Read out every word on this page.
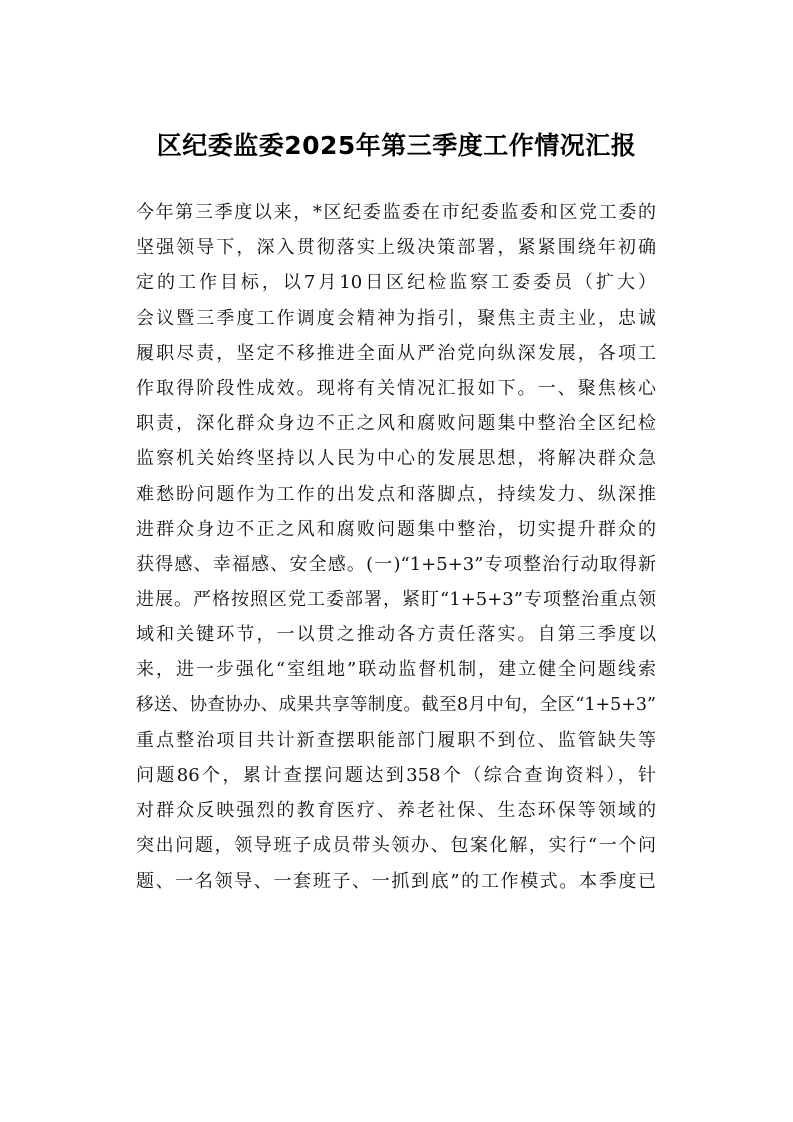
区纪委监委2025年第三季度工作情况汇报
今年第三季度以来，*区纪委监委在市纪委监委和区党工委的
坚强领导下，深入贯彻落实上级决策部署，紧紧围绕年初确
定的工作目标，以7月10日区纪检监察工委委员（扩大）
会议暨三季度工作调度会精神为指引，聚焦主责主业，忠诚
履职尽责，坚定不移推进全面从严治党向纵深发展，各项工
作取得阶段性成效。现将有关情况汇报如下。一、聚焦核心
职责，深化群众身边不正之风和腐败问题集中整治全区纪检
监察机关始终坚持以人民为中心的发展思想，将解决群众急
难愁盼问题作为工作的出发点和落脚点，持续发力、纵深推
进群众身边不正之风和腐败问题集中整治，切实提升群众的
获得感、幸福感、安全感。(一)“1+5+3”专项整治行动取得新
进展。严格按照区党工委部署，紧盯“1+5+3”专项整治重点领
域和关键环节，一以贯之推动各方责任落实。自第三季度以
来，进一步强化“室组地”联动监督机制，建立健全问题线索
移送、协查协办、成果共享等制度。截至8月中旬，全区“1+5+3”
重点整治项目共计新查摆职能部门履职不到位、监管缺失等
问题86个，累计查摆问题达到358个（综合查询资料），针
对群众反映强烈的教育医疗、养老社保、生态环保等领域的
突出问题，领导班子成员带头领办、包案化解，实行“一个问
题、一名领导、一套班子、一抓到底”的工作模式。本季度已
